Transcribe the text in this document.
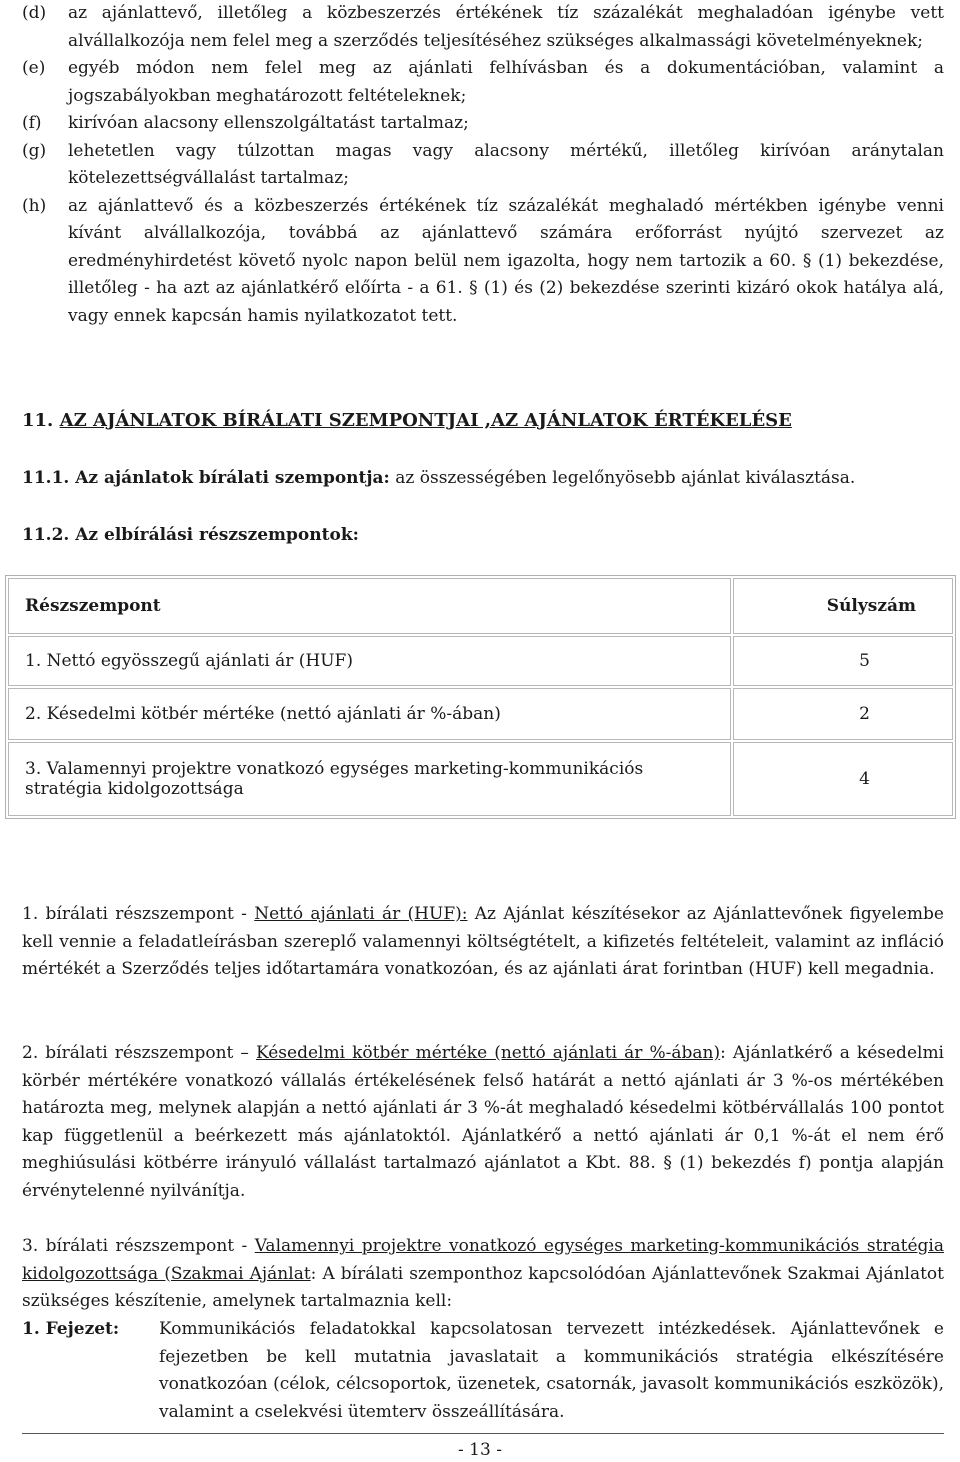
(d)	az ajánlattevő, illetőleg a közbeszerzés értékének tíz százalékát meghaladóan igénybe vett alvállalkozója nem felel meg a szerződés teljesítéséhez szükséges alkalmassági követelményeknek;
(e)	egyéb módon nem felel meg az ajánlati felhívásban és a dokumentációban, valamint a jogszabályokban meghatározott feltételeknek;
(f)	kirívóan alacsony ellenszolgáltatást tartalmaz;
(g)	lehetetlen vagy túlzottan magas vagy alacsony mértékű, illetőleg kirívóan aránytalan kötelezettségvállalást tartalmaz;
(h)	az ajánlattevő és a közbeszerzés értékének tíz százalékát meghaladó mértékben igénybe venni kívánt alvállalkozója, továbbá az ajánlattevő számára erőforrást nyújtó szervezet az eredményhirdetést követő nyolc napon belül nem igazolta, hogy nem tartozik a 60. § (1) bekezdése, illetőleg - ha azt az ajánlatkérő előírta - a 61. § (1) és (2) bekezdése szerinti kizáró okok hatálya alá, vagy ennek kapcsán hamis nyilatkozatot tett.
11. AZ AJÁNLATOK BÍRÁLATI SZEMPONTJAI ,AZ AJÁNLATOK ÉRTÉKELÉSE
11.1. Az ajánlatok bírálati szempontja: az összességében legelőnyösebb ajánlat kiválasztása.
11.2. Az elbírálási részszempontok:
Részszempont	Súlyszám
1. Nettó egyösszegű ajánlati ár (HUF)	5
2. Késedelmi kötbér mértéke (nettó ajánlati ár %-ában)	2
3. Valamennyi projektre vonatkozó egységes marketing-kommunikációs stratégia kidolgozottsága	4
1. bírálati részszempont - Nettó ajánlati ár (HUF): Az Ajánlat készítésekor az Ajánlattevőnek figyelembe kell vennie a feladatleírásban szereplő valamennyi költségtételt, a kifizetés feltételeit, valamint az infláció mértékét a Szerződés teljes időtartamára vonatkozóan, és az ajánlati árat forintban (HUF) kell megadnia.
2. bírálati részszempont – Késedelmi kötbér mértéke (nettó ajánlati ár %-ában): Ajánlatkérő a késedelmi körbér mértékére vonatkozó vállalás értékelésének felső határát a nettó ajánlati ár 3 %-os mértékében határozta meg, melynek alapján a nettó ajánlati ár 3 %-át meghaladó késedelmi kötbérvállalás 100 pontot kap függetlenül a beérkezett más ajánlatoktól. Ajánlatkérő a nettó ajánlati ár 0,1 %-át el nem érő meghiúsulási kötbérre irányuló vállalást tartalmazó ajánlatot a Kbt. 88. § (1) bekezdés f) pontja alapján érvénytelenné nyilvánítja.
3. bírálati részszempont - Valamennyi projektre vonatkozó egységes marketing-kommunikációs stratégia kidolgozottsága (Szakmai Ajánlat: A bírálati szemponthoz kapcsolódóan Ajánlattevőnek Szakmai Ajánlatot szükséges készítenie, amelynek tartalmaznia kell:
1. Fejezet:	Kommunikációs feladatokkal kapcsolatosan tervezett intézkedések. Ajánlattevőnek e fejezetben be kell mutatnia javaslatait a kommunikációs stratégia elkészítésére vonatkozóan (célok, célcsoportok, üzenetek, csatornák, javasolt kommunikációs eszközök), valamint a cselekvési ütemterv összeállítására.
- 13 -
